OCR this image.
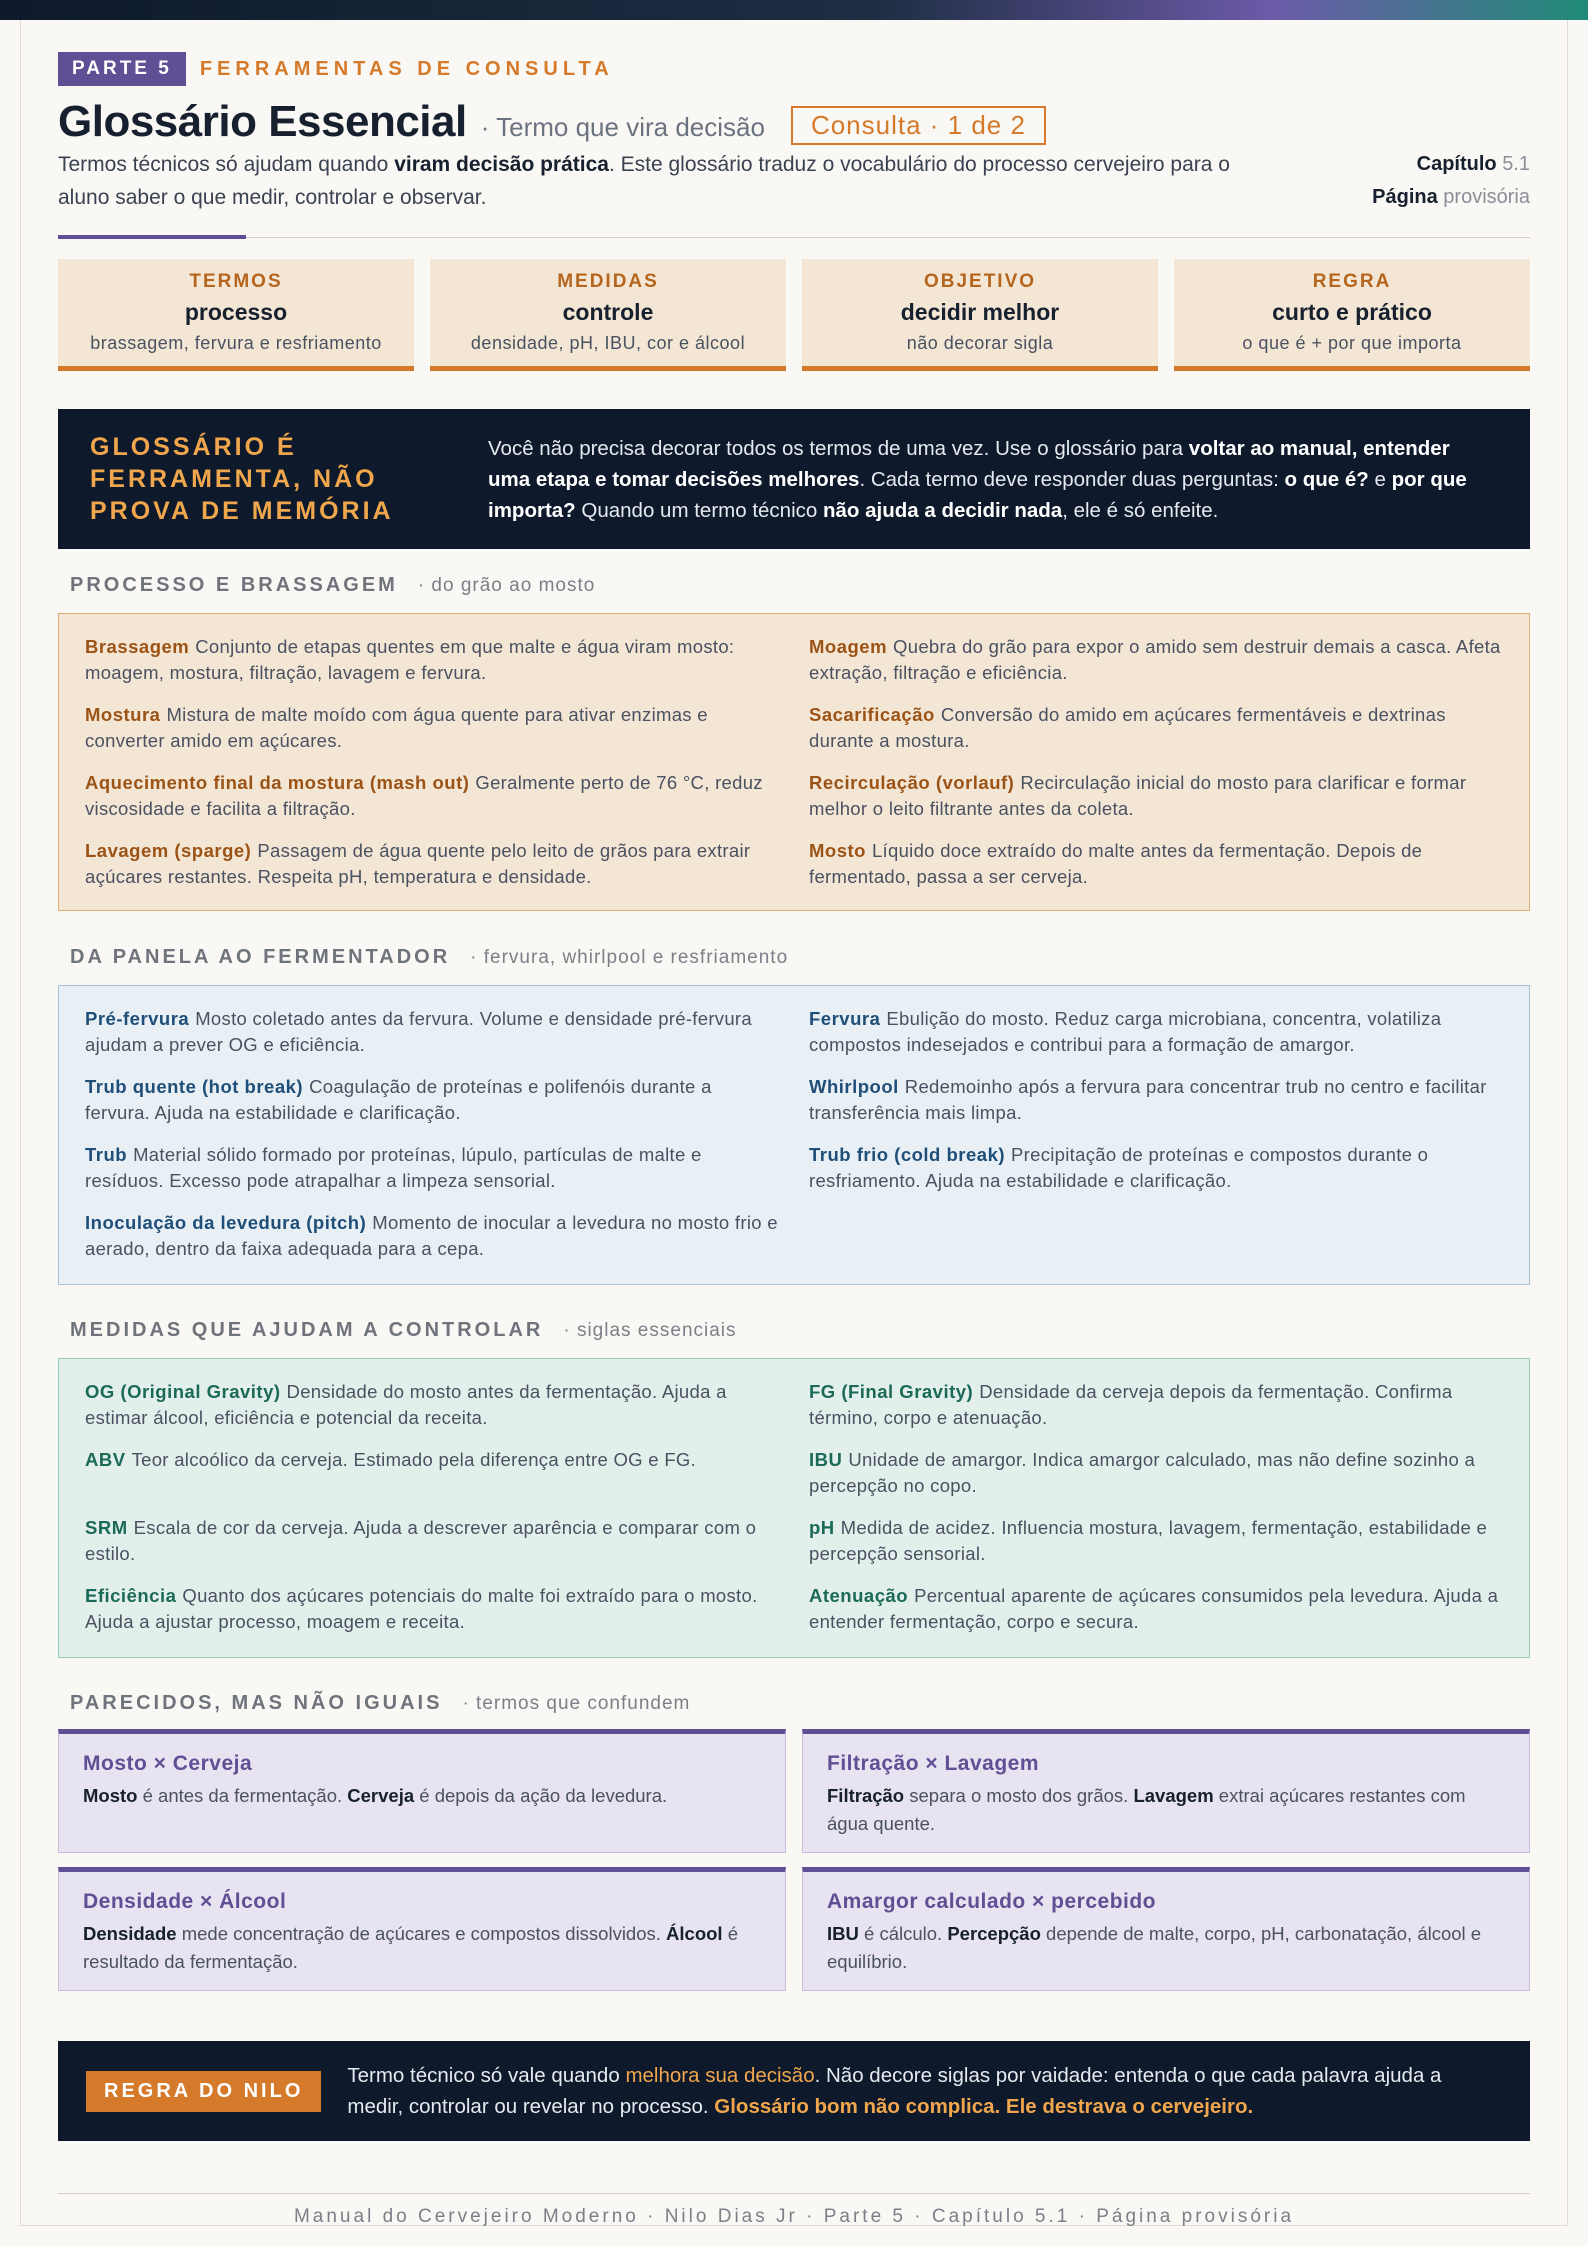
PARTE 5	FERRAMENTAS DE CONSULTA
Glossário Essencial · Termo que vira decisão	Consulta · 1 de 2
Termos técnicos só ajudam quando viram decisão prática. Este glossário traduz o vocabulário do processo cervejeiro para o aluno saber o que medir, controlar e observar.
Capítulo 5.1
Página provisória
TERMOS
processo
brassagem, fervura e resfriamento
MEDIDAS
controle
densidade, pH, IBU, cor e álcool
OBJETIVO
decidir melhor
não decorar sigla
REGRA
curto e prático
o que é + por que importa
GLOSSÁRIO É FERRAMENTA, NÃO PROVA DE MEMÓRIA
Você não precisa decorar todos os termos de uma vez. Use o glossário para voltar ao manual, entender uma etapa e tomar decisões melhores. Cada termo deve responder duas perguntas: o que é? e por que importa? Quando um termo técnico não ajuda a decidir nada, ele é só enfeite.
PROCESSO E BRASSAGEM · do grão ao mosto
Brassagem Conjunto de etapas quentes em que malte e água viram mosto: moagem, mostura, filtração, lavagem e fervura.
Moagem Quebra do grão para expor o amido sem destruir demais a casca. Afeta extração, filtração e eficiência.
Mostura Mistura de malte moído com água quente para ativar enzimas e converter amido em açúcares.
Sacarificação Conversão do amido em açúcares fermentáveis e dextrinas durante a mostura.
Aquecimento final da mostura (mash out) Geralmente perto de 76 °C, reduz viscosidade e facilita a filtração.
Recirculação (vorlauf) Recirculação inicial do mosto para clarificar e formar melhor o leito filtrante antes da coleta.
Lavagem (sparge) Passagem de água quente pelo leito de grãos para extrair açúcares restantes. Respeita pH, temperatura e densidade.
Mosto Líquido doce extraído do malte antes da fermentação. Depois de fermentado, passa a ser cerveja.
DA PANELA AO FERMENTADOR · fervura, whirlpool e resfriamento
Pré-fervura Mosto coletado antes da fervura. Volume e densidade pré-fervura ajudam a prever OG e eficiência.
Fervura Ebulição do mosto. Reduz carga microbiana, concentra, volatiliza compostos indesejados e contribui para a formação de amargor.
Trub quente (hot break) Coagulação de proteínas e polifenóis durante a fervura. Ajuda na estabilidade e clarificação.
Whirlpool Redemoinho após a fervura para concentrar trub no centro e facilitar transferência mais limpa.
Trub Material sólido formado por proteínas, lúpulo, partículas de malte e resíduos. Excesso pode atrapalhar a limpeza sensorial.
Trub frio (cold break) Precipitação de proteínas e compostos durante o resfriamento. Ajuda na estabilidade e clarificação.
Inoculação da levedura (pitch) Momento de inocular a levedura no mosto frio e aerado, dentro da faixa adequada para a cepa.
MEDIDAS QUE AJUDAM A CONTROLAR · siglas essenciais
OG (Original Gravity) Densidade do mosto antes da fermentação. Ajuda a estimar álcool, eficiência e potencial da receita.
FG (Final Gravity) Densidade da cerveja depois da fermentação. Confirma término, corpo e atenuação.
ABV Teor alcoólico da cerveja. Estimado pela diferença entre OG e FG.	IBU Unidade de amargor. Indica amargor calculado, mas não define sozinho a percepção no copo.
SRM Escala de cor da cerveja. Ajuda a descrever aparência e comparar com o estilo.
pH Medida de acidez. Influencia mostura, lavagem, fermentação, estabilidade e percepção sensorial.
Eficiência Quanto dos açúcares potenciais do malte foi extraído para o mosto. Ajuda a ajustar processo, moagem e receita.
Atenuação Percentual aparente de açúcares consumidos pela levedura. Ajuda a entender fermentação, corpo e secura.
PARECIDOS, MAS NÃO IGUAIS · termos que confundem
Mosto × Cerveja
Mosto é antes da fermentação. Cerveja é depois da ação da levedura.
Filtração × Lavagem
Filtração separa o mosto dos grãos. Lavagem extrai açúcares restantes com água quente.
Densidade × Álcool
Densidade mede concentração de açúcares e compostos dissolvidos. Álcool é resultado da fermentação.
Amargor calculado × percebido
IBU é cálculo. Percepção depende de malte, corpo, pH, carbonatação, álcool e equilíbrio.
REGRA DO NILO
Termo técnico só vale quando melhora sua decisão. Não decore siglas por vaidade: entenda o que cada palavra ajuda a medir, controlar ou revelar no processo. Glossário bom não complica. Ele destrava o cervejeiro.
Manual do Cervejeiro Moderno · Nilo Dias Jr · Parte 5 · Capítulo 5.1 · Página provisória
